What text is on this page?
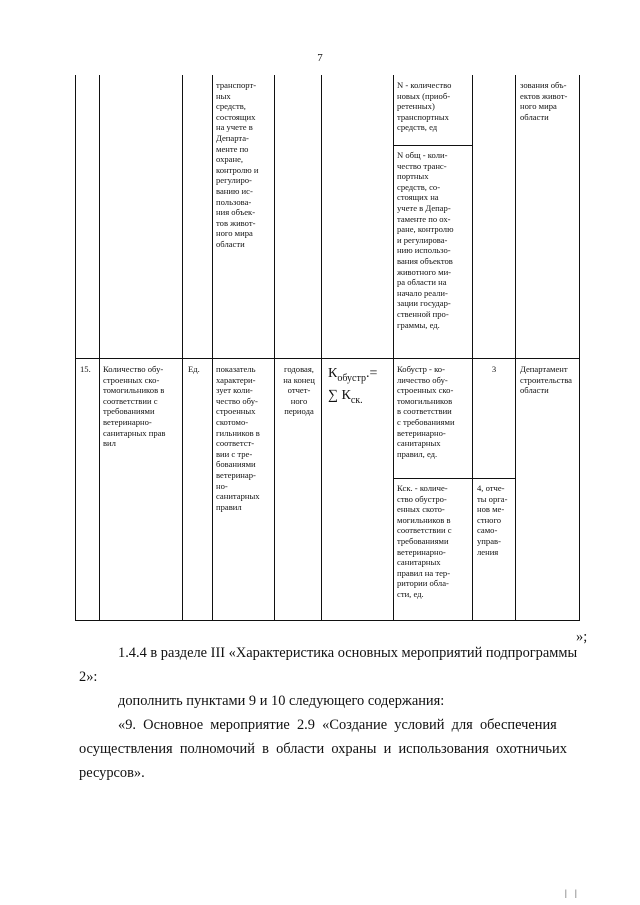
7
транспорт-
ных
средств,
состоящих
на учете в
Департа-
менте по
охране,
контролю и
регулиро-
ванию ис-
пользова-
ния объек-
тов живот-
ного мира
области
N - количество
новых (приоб-
ретенных)
транспортных
средств, ед
N общ - коли-
чество транс-
портных
средств, со-
стоящих на
учете в Депар-
таменте по ох-
ране, контролю
и регулирова-
нию использо-
вания объектов
животного ми-
ра области на
начало реали-
зации государ-
ственной про-
граммы, ед.
зования объ-
ектов живот-
ного мира
области
15.	Количество обу-
строенных ско-
томогильников в
соответствии с
требованиями
ветеринарно-
санитарных прав
вил
Ед.	показатель
характери-
зует коли-
чество обу-
строенных
скотомо-
гильников в
соответст-
вии с тре-
бованиями
ветеринар-
но-
санитарных
правил
годовая,
на конец
отчет-
ного
периода
$К_{обустр}.=$
∑ $К_{ск.}$
Кобустр - ко-
личество обу-
строенных ско-
томогильников
в соответствии
с требованиями
ветеринарно-
санитарных
правил, ед.
Кск. - количе-
ство обустро-
енных ското-
могильников в
соответствии с
требованиями
ветеринарно-
санитарных
правил на тер-
ритории обла-
сти, ед.
3
4, отче-
ты орга-
нов ме-
стного
само-
управ-
ления
Департамент
строительства
области
»;
1.4.4 в разделе III «Характеристика основных мероприятий подпрограммы
2»:
дополнить пунктами 9 и 10 следующего содержания:
«9.  Основное  мероприятие  2.9  «Создание  условий  для  обеспечения
осуществления  полномочий  в  области  охраны  и  использования  охотничьих
ресурсов».
| |
